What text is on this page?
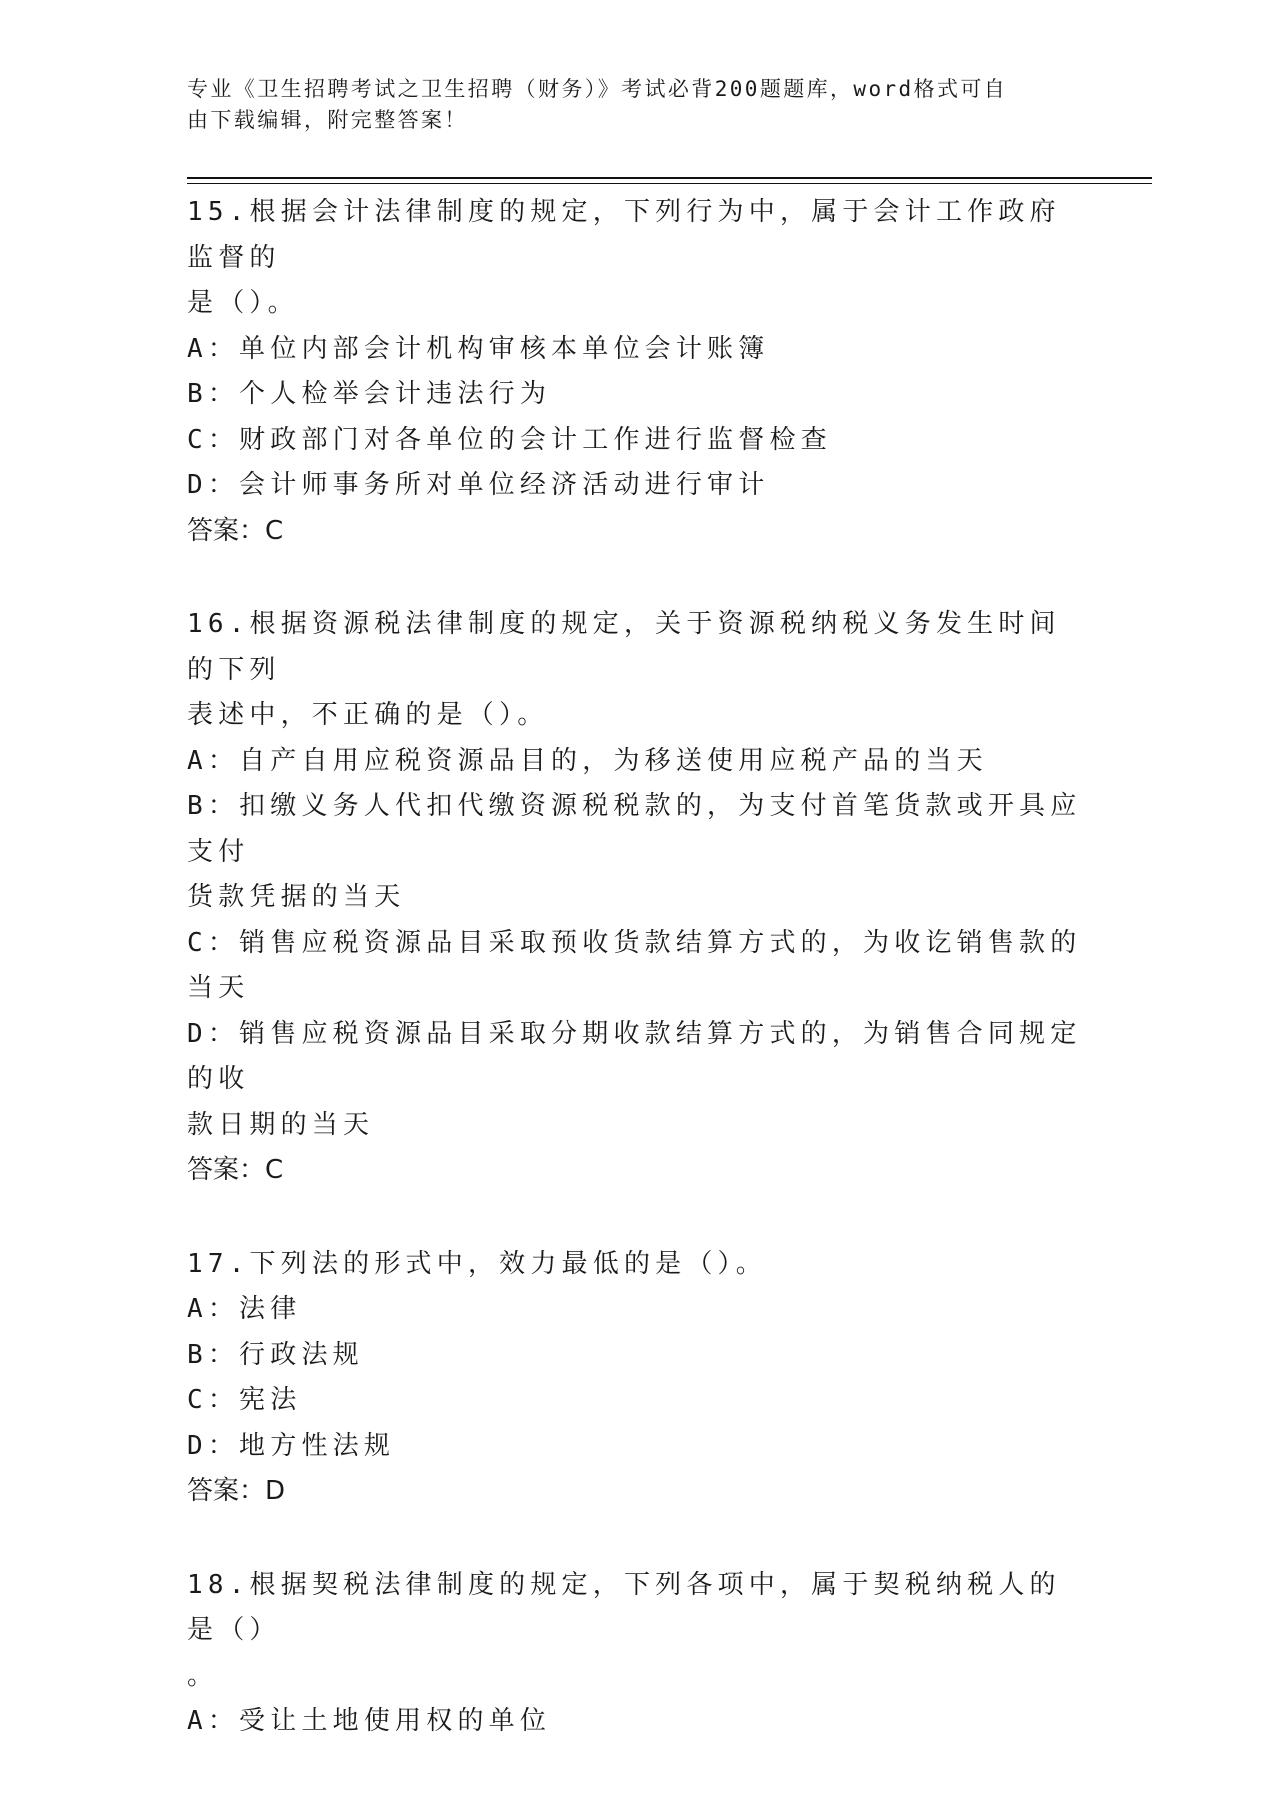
专业《卫生招聘考试之卫生招聘（财务）》考试必背200题题库，word格式可自
由下载编辑，附完整答案！
15.根据会计法律制度的规定，下列行为中，属于会计工作政府监督的
是（）。
A：单位内部会计机构审核本单位会计账簿
B：个人检举会计违法行为
C：财政部门对各单位的会计工作进行监督检查
D：会计师事务所对单位经济活动进行审计
答案：C
16.根据资源税法律制度的规定，关于资源税纳税义务发生时间的下列
表述中，不正确的是（）。
A：自产自用应税资源品目的，为移送使用应税产品的当天
B：扣缴义务人代扣代缴资源税税款的，为支付首笔货款或开具应支付
货款凭据的当天
C：销售应税资源品目采取预收货款结算方式的，为收讫销售款的当天
D：销售应税资源品目采取分期收款结算方式的，为销售合同规定的收
款日期的当天
答案：C
17.下列法的形式中，效力最低的是（）。
A：法律
B：行政法规
C：宪法
D：地方性法规
答案：D
18.根据契税法律制度的规定，下列各项中，属于契税纳税人的是（）
。
A：受让土地使用权的单位
